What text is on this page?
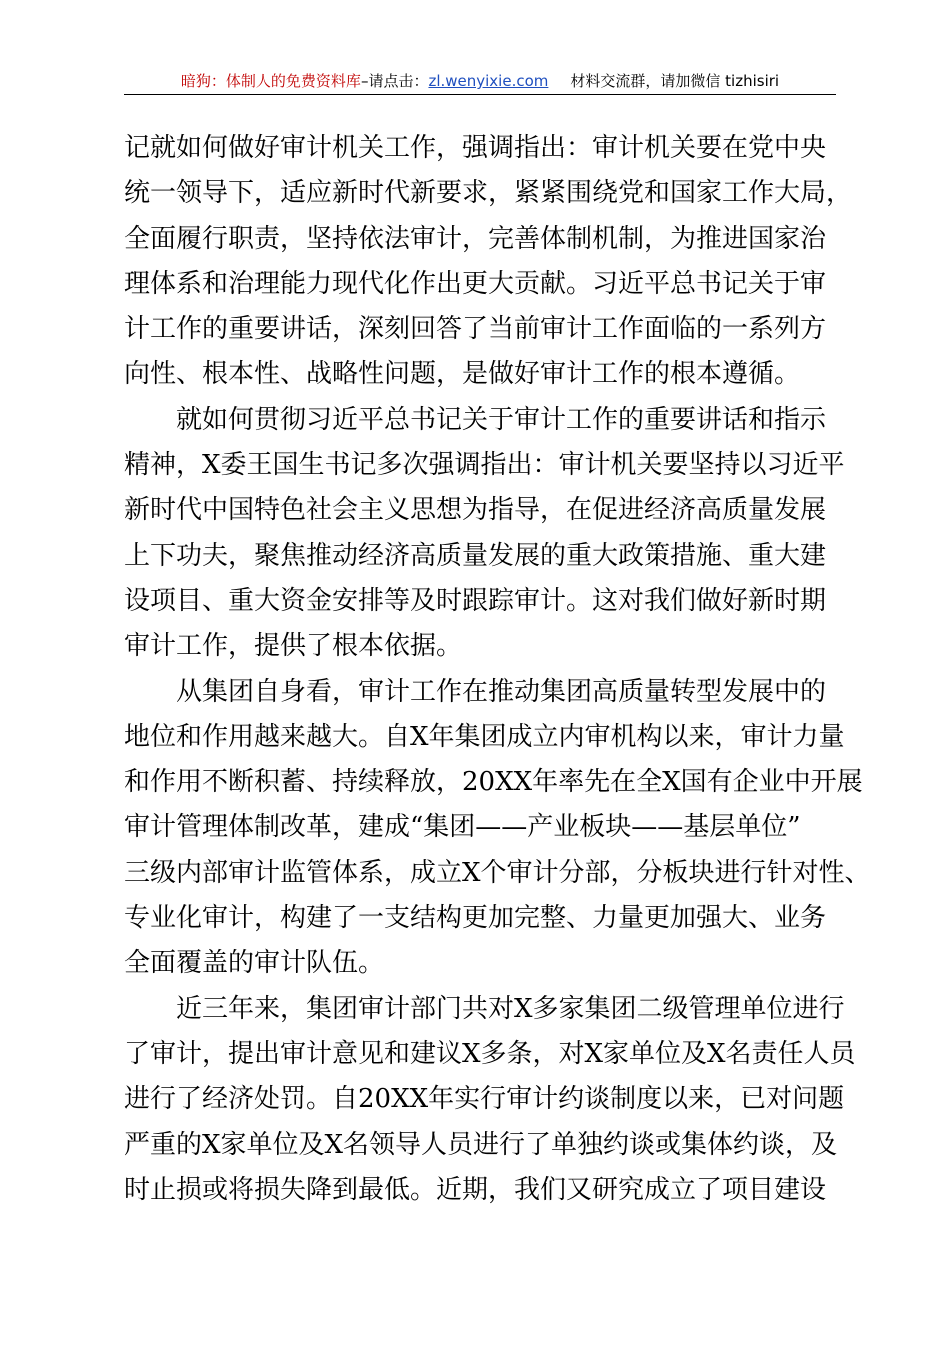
暗狗：体制人的免费资料库–请点击：zl.wenyixie.com 材料交流群，请加微信 tizhisiri

记就如何做好审计机关工作，强调指出：审计机关要在党中央
统一领导下，适应新时代新要求，紧紧围绕党和国家工作大局，
全面履行职责，坚持依法审计，完善体制机制，为推进国家治
理体系和治理能力现代化作出更大贡献。习近平总书记关于审
计工作的重要讲话，深刻回答了当前审计工作面临的一系列方
向性、根本性、战略性问题，是做好审计工作的根本遵循。

就如何贯彻习近平总书记关于审计工作的重要讲话和指示
精神，X委王国生书记多次强调指出：审计机关要坚持以习近平
新时代中国特色社会主义思想为指导，在促进经济高质量发展
上下功夫，聚焦推动经济高质量发展的重大政策措施、重大建
设项目、重大资金安排等及时跟踪审计。这对我们做好新时期
审计工作，提供了根本依据。

从集团自身看，审计工作在推动集团高质量转型发展中的
地位和作用越来越大。自X年集团成立内审机构以来，审计力量
和作用不断积蓄、持续释放，20XX年率先在全X国有企业中开展
审计管理体制改革，建成“集团——产业板块——基层单位”
三级内部审计监管体系，成立X个审计分部，分板块进行针对性、
专业化审计，构建了一支结构更加完整、力量更加强大、业务
全面覆盖的审计队伍。

近三年来，集团审计部门共对X多家集团二级管理单位进行
了审计，提出审计意见和建议X多条，对X家单位及X名责任人员
进行了经济处罚。自20XX年实行审计约谈制度以来，已对问题
严重的X家单位及X名领导人员进行了单独约谈或集体约谈，及
时止损或将损失降到最低。近期，我们又研究成立了项目建设
